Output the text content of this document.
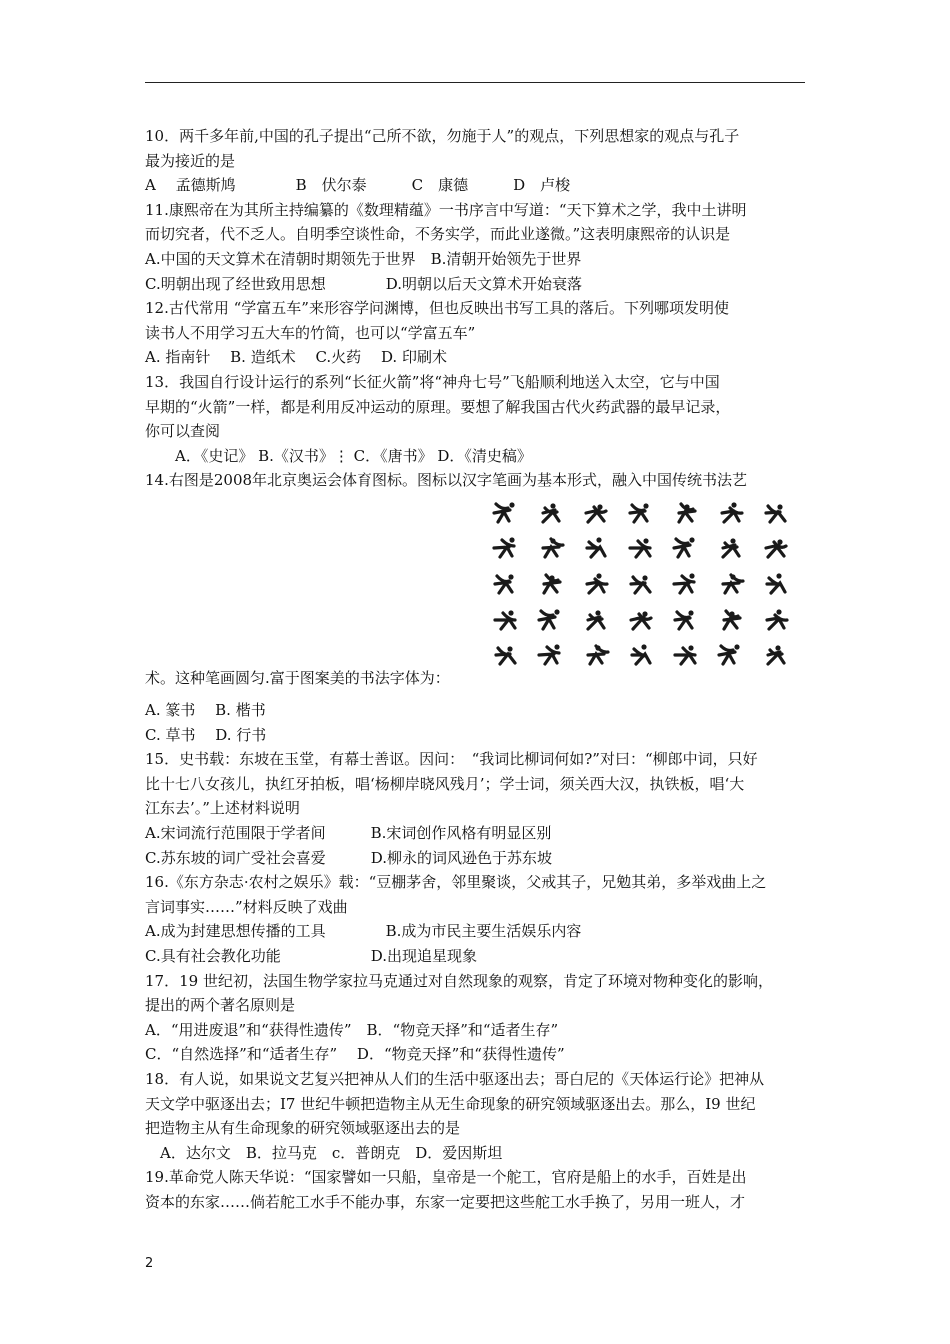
10．两千多年前,中国的孔子提出“己所不欲，勿施于人”的观点，下列思想家的观点与孔子
最为接近的是
A　 孟德斯鸠　　　　B　伏尔泰　　　C　康德　　　D　卢梭
11.康熙帝在为其所主持编纂的《数理精蕴》一书序言中写道：“天下算术之学，我中土讲明
而切究者，代不乏人。自明季空谈性命，不务实学，而此业遂微。”这表明康熙帝的认识是
A.中国的天文算术在清朝时期领先于世界　B.清朝开始领先于世界
C.明朝出现了经世致用思想　　　　D.明朝以后天文算术开始衰落
12.古代常用 “学富五车”来形容学问渊博，但也反映出书写工具的落后。下列哪项发明使
读书人不用学习五大车的竹简，也可以“学富五车”
A. 指南针　 B. 造纸术　 C.火药　 D. 印刷术
13．我国自行设计运行的系列“长征火箭”将“神舟七号”飞船顺利地送入太空，它与中国
早期的“火箭”一样，都是利用反冲运动的原理。要想了解我国古代火药武器的最早记录，
你可以查阅
　　A．《史记》 B.《汉书》⋮ C．《唐书》 D．《清史稿》
14.右图是2008年北京奥运会体育图标。图标以汉字笔画为基本形式，融入中国传统书法艺
术。这种笔画圆匀.富于图案美的书法字体为：
A. 篆书　 B. 楷书
C. 草书　 D. 行书
15．史书载：东坡在玉堂，有幕士善讴。因问：　“我词比柳词何如?”对曰：“柳郎中词，只好
比十七八女孩儿，执红牙拍板，唱‘杨柳岸晓风残月’；学士词，须关西大汉，执铁板，唱‘大
江东去’。”上述材料说明
A.宋词流行范围限于学者间　　　B.宋词创作风格有明显区别
C.苏东坡的词广受社会喜爱　　　D.柳永的词风逊色于苏东坡
16.《东方杂志·农村之娱乐》载：“豆棚茅舍，邻里聚谈，父戒其子，兄勉其弟，多举戏曲上之
言词事实……”材料反映了戏曲
A.成为封建思想传播的工具　　　　B.成为市民主要生活娱乐内容
C.具有社会教化功能　　　　　　D.出现追星现象
17．19 世纪初，法国生物学家拉马克通过对自然现象的观察，肯定了环境对物种变化的影响，
提出的两个著名原则是
A．“用进废退”和“获得性遗传”　B．“物竞天择”和“适者生存”
C．“自然选择”和“适者生存”　 D．“物竞天择”和“获得性遗传”
18．有人说，如果说文艺复兴把神从人们的生活中驱逐出去；哥白尼的《天体运行论》把神从
天文学中驱逐出去；I7 世纪牛顿把造物主从无生命现象的研究领域驱逐出去。那么，I9 世纪
把造物主从有生命现象的研究领域驱逐出去的是
　A．达尔文　B．拉马克　c．普朗克　D．爱因斯坦
19.革命党人陈天华说：“国家譬如一只船，皇帝是一个舵工，官府是船上的水手，百姓是出
资本的东家……倘若舵工水手不能办事，东家一定要把这些舵工水手换了，另用一班人，才
2
